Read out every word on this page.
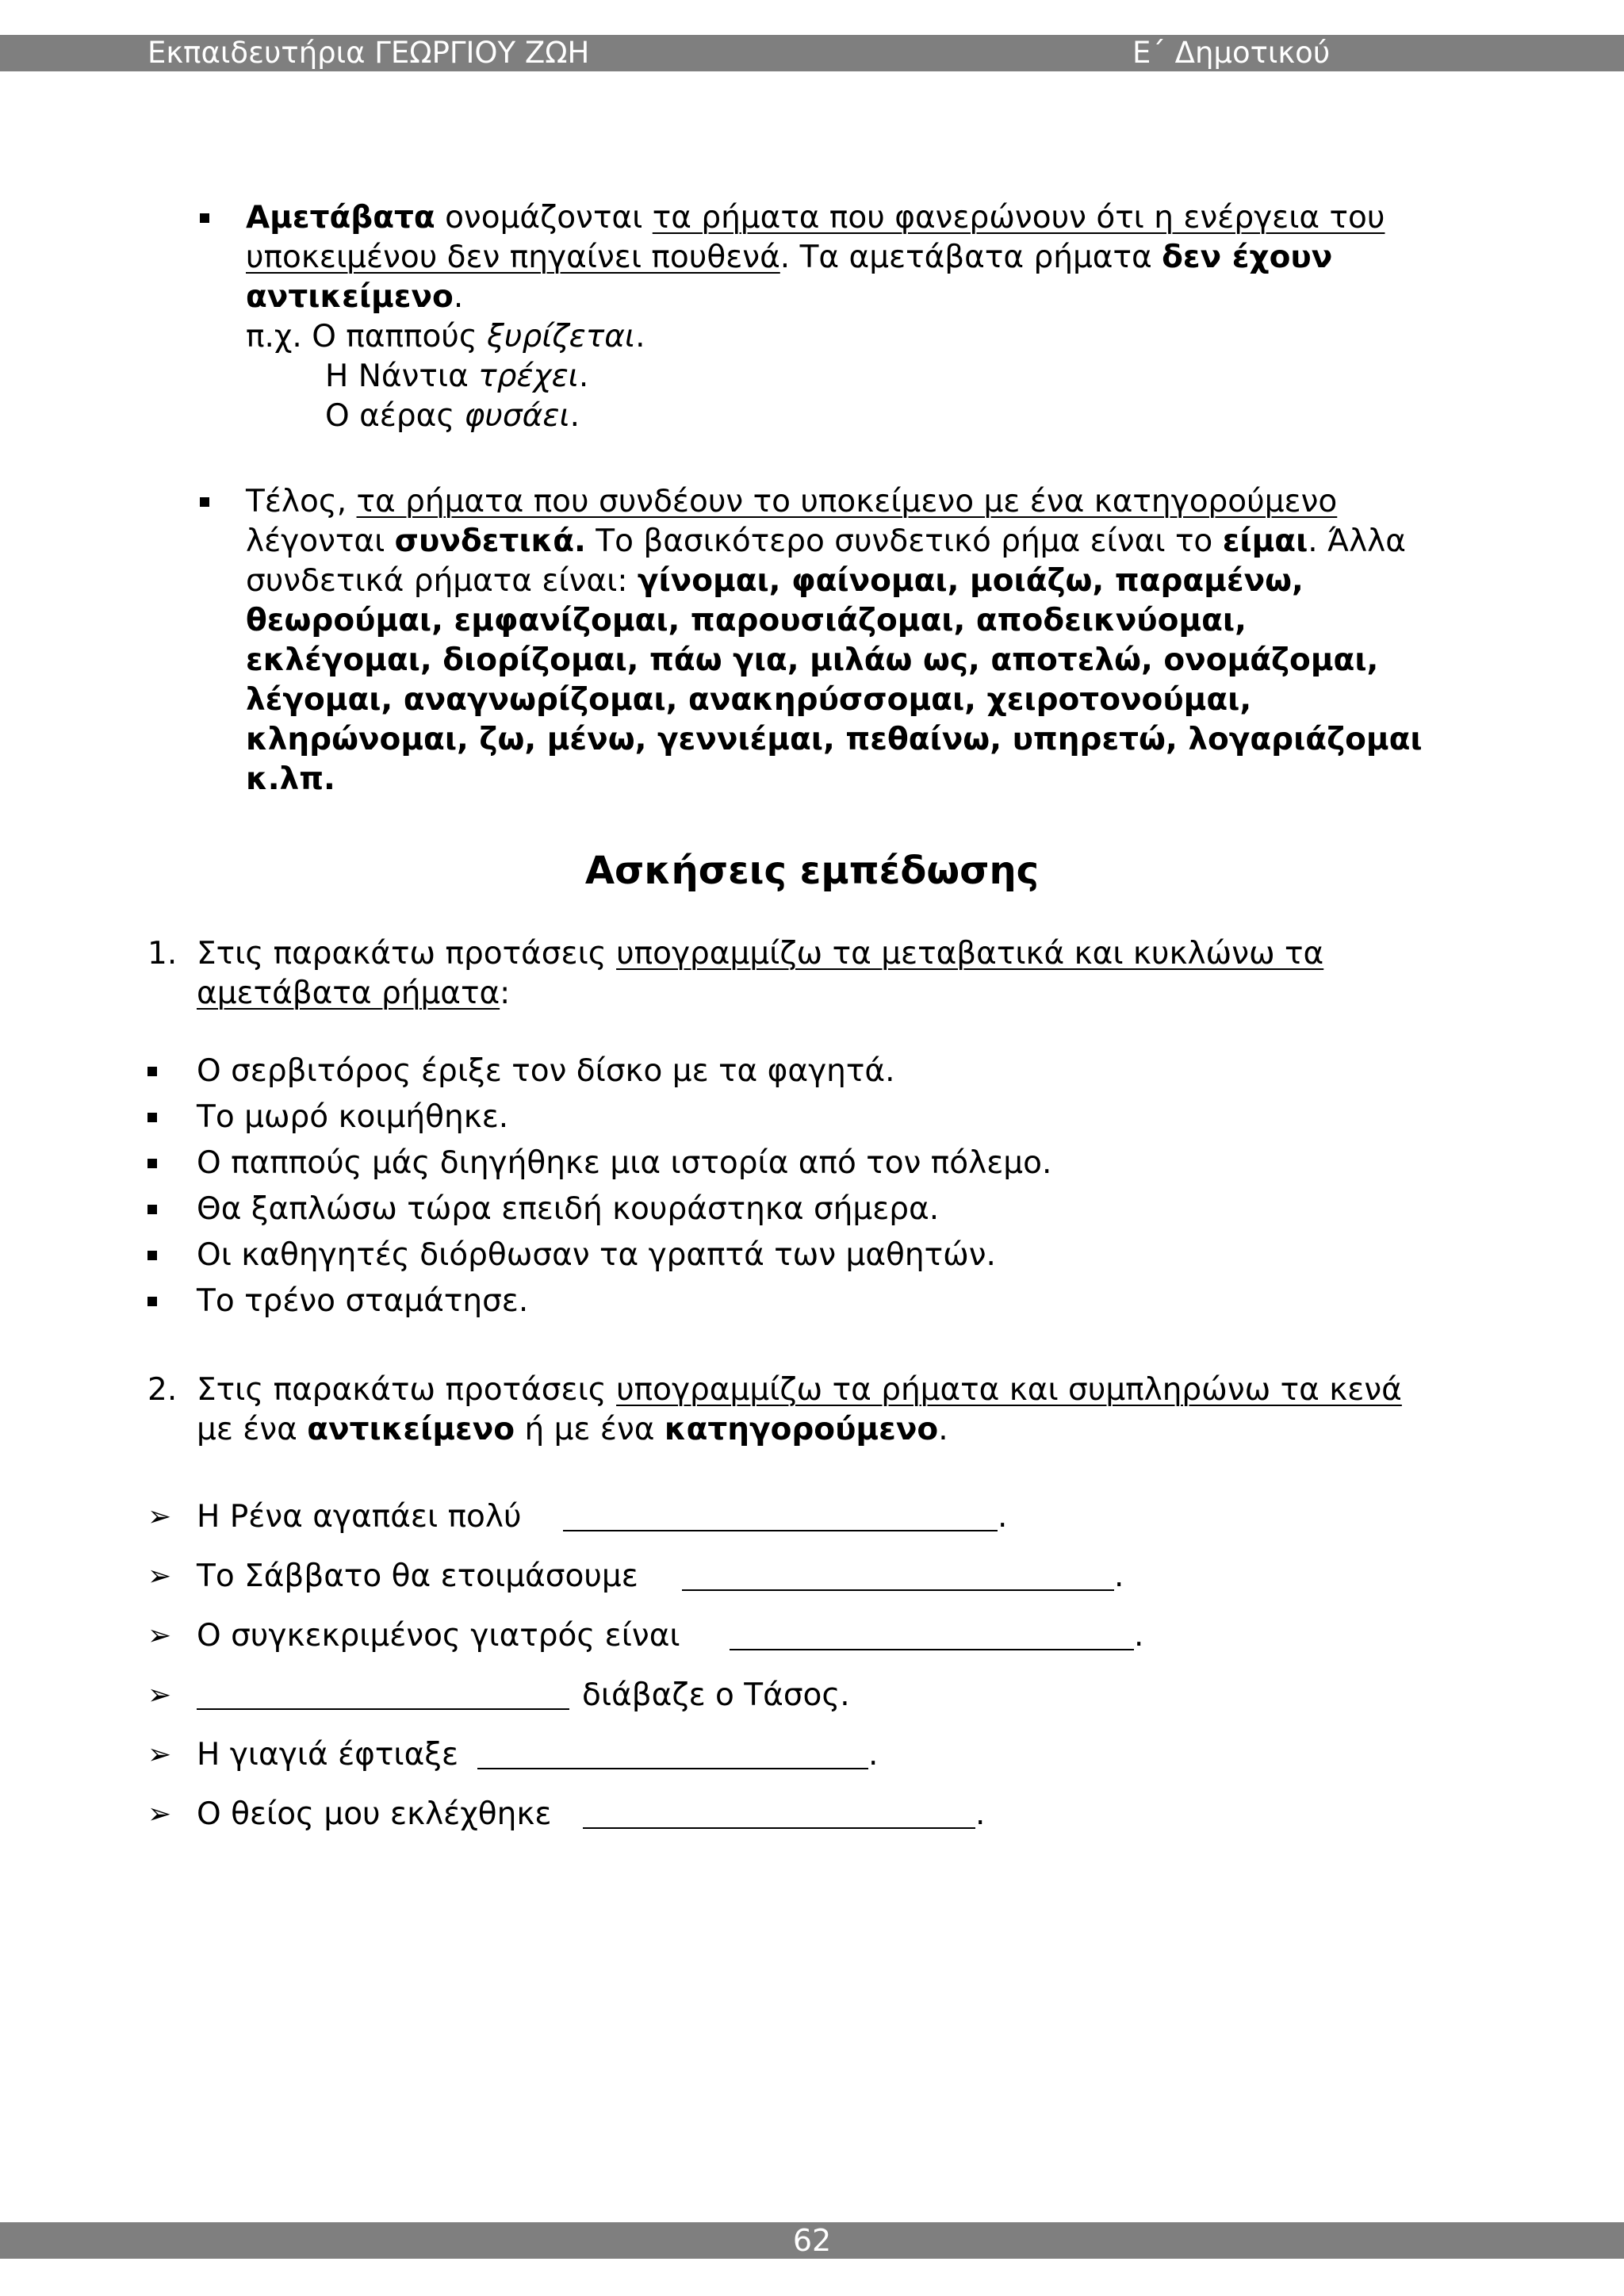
Εκπαιδευτήρια ΓΕΩΡΓΙΟΥ ΖΩΗ	Ε΄ Δημοτικού
Αμετάβατα ονομάζονται τα ρήματα που φανερώνουν ότι η ενέργεια του
υποκειμένου δεν πηγαίνει πουθενά. Τα αμετάβατα ρήματα δεν έχουν
αντικείμενο.
π.χ. Ο παππούς ξυρίζεται.
Η Νάντια τρέχει.
Ο αέρας φυσάει.
Τέλος, τα ρήματα που συνδέουν το υποκείμενο με ένα κατηγορούμενο
λέγονται συνδετικά. Το βασικότερο συνδετικό ρήμα είναι το είμαι. Άλλα
συνδετικά ρήματα είναι: γίνομαι, φαίνομαι, μοιάζω, παραμένω,
θεωρούμαι, εμφανίζομαι, παρουσιάζομαι, αποδεικνύομαι,
εκλέγομαι, διορίζομαι, πάω για, μιλάω ως, αποτελώ, ονομάζομαι,
λέγομαι, αναγνωρίζομαι, ανακηρύσσομαι, χειροτονούμαι,
κληρώνομαι, ζω, μένω, γεννιέμαι, πεθαίνω, υπηρετώ, λογαριάζομαι
κ.λπ.
Ασκήσεις εμπέδωσης
1. Στις παρακάτω προτάσεις υπογραμμίζω τα μεταβατικά και κυκλώνω τα
αμετάβατα ρήματα:
Ο σερβιτόρος έριξε τον δίσκο με τα φαγητά.
Το μωρό κοιμήθηκε.
Ο παππούς μάς διηγήθηκε μια ιστορία από τον πόλεμο.
Θα ξαπλώσω τώρα επειδή κουράστηκα σήμερα.
Οι καθηγητές διόρθωσαν τα γραπτά των μαθητών.
Το τρένο σταμάτησε.
2. Στις παρακάτω προτάσεις υπογραμμίζω τα ρήματα και συμπληρώνω τα κενά
με ένα αντικείμενο ή με ένα κατηγορούμενο.
➢ Η Ρένα αγαπάει πολύ	.
➢ Το Σάββατο θα ετοιμάσουμε	.
➢ Ο συγκεκριμένος γιατρός είναι	.
➢	διάβαζε ο Τάσος.
➢ Η γιαγιά έφτιαξε	.
➢ Ο θείος μου εκλέχθηκε	.
62
